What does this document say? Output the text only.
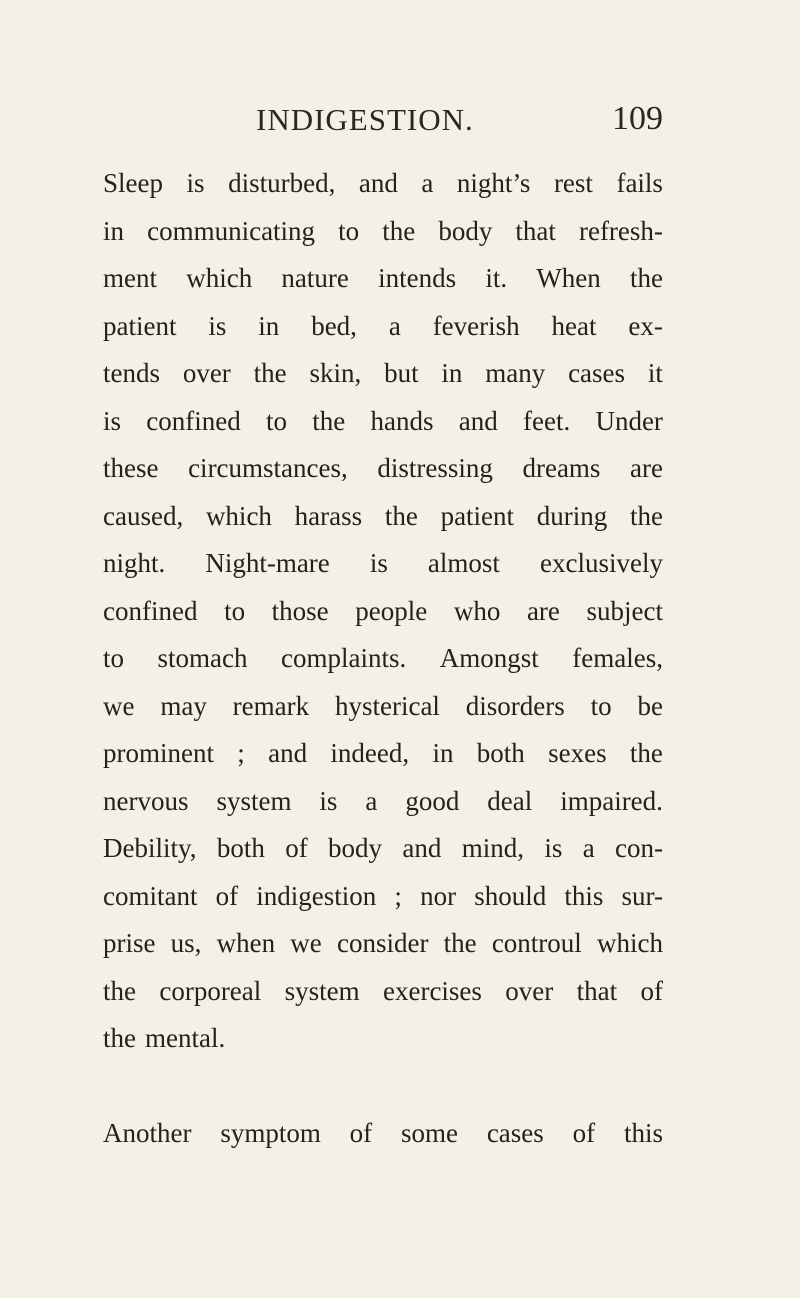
INDIGESTION.	109
Sleep is disturbed, and a night’s rest fails
in communicating to the body that refresh-
ment which nature intends it. When the
patient is in bed, a feverish heat ex-
tends over the skin, but in many cases it
is confined to the hands and feet. Under
these circumstances, distressing dreams are
caused, which harass the patient during the
night. Night-mare is almost exclusively
confined to those people who are subject
to stomach complaints. Amongst females,
we may remark hysterical disorders to be
prominent ; and indeed, in both sexes the
nervous system is a good deal impaired.
Debility, both of body and mind, is a con-
comitant of indigestion ; nor should this sur-
prise us, when we consider the controul which
the corporeal system exercises over that of
the mental.
Another symptom of some cases of this
